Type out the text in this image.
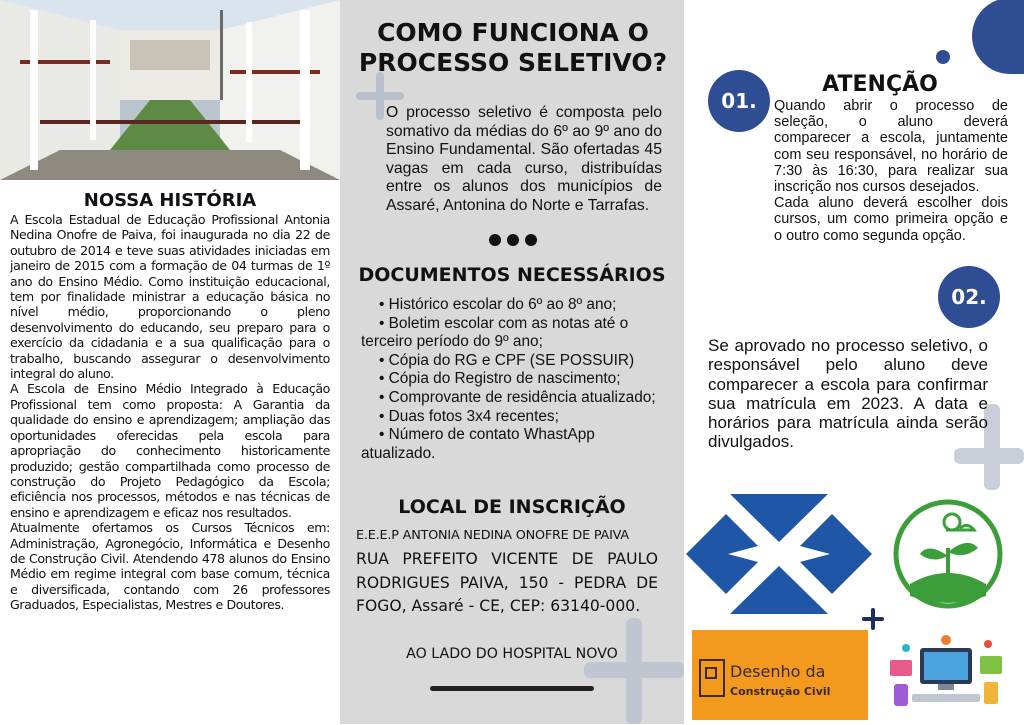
NOSSA HISTÓRIA

A Escola Estadual de Educação Profissional Antonia Nedina Onofre de Paiva, foi inaugurada no dia 22 de outubro de 2014 e teve suas atividades iniciadas em janeiro de 2015 com a formação de 04 turmas de 1º ano do Ensino Médio. Como instituição educacional, tem por finalidade ministrar a educação básica no nível médio, proporcionando o pleno desenvolvimento do educando, seu preparo para o exercício da cidadania e a sua qualificação para o trabalho, buscando assegurar o desenvolvimento integral do aluno.

A Escola de Ensino Médio Integrado à Educação Profissional tem como proposta: A Garantia da qualidade do ensino e aprendizagem; ampliação das oportunidades oferecidas pela escola para apropriação do conhecimento historicamente produzido; gestão compartilhada como processo de construção do Projeto Pedagógico da Escola; eficiência nos processos, métodos e nas técnicas de ensino e aprendizagem e eficaz nos resultados.

Atualmente ofertamos os Cursos Técnicos em: Administração, Agronegócio, Informática e Desenho de Construção Civil. Atendendo 478 alunos do Ensino Médio em regime integral com base comum, técnica e diversificada, contando com 26 professores Graduados, Especialistas, Mestres e Doutores.

COMO FUNCIONA O PROCESSO SELETIVO?
O processo seletivo é composta pelo somativo da médias do 6º ao 9º ano do Ensino Fundamental. São ofertadas 45 vagas em cada curso, distribuídas entre os alunos dos municípios de Assaré, Antonina do Norte e Tarrafas.
DOCUMENTOS NECESSÁRIOS

• Histórico escolar do 6º ao 8º ano;

• Boletim escolar com as notas até o terceiro período do 9º ano;

• Cópia do RG e CPF (SE POSSUIR)

• Cópia do Registro de nascimento;

• Comprovante de residência atualizado;

• Duas fotos 3x4 recentes;

• Número de contato WhastApp atualizado.

LOCAL DE INSCRIÇÃO
E.E.E.P ANTONIA NEDINA ONOFRE DE PAIVA
RUA PREFEITO VICENTE DE PAULO RODRIGUES PAIVA, 150 - PEDRA DE FOGO, Assaré - CE, CEP: 63140-000.
AO LADO DO HOSPITAL NOVO
01.
ATENÇÃO

Quando abrir o processo de seleção, o aluno deverá comparecer a escola, juntamente com seu responsável, no horário de 7:30 às 16:30, para realizar sua inscrição nos cursos desejados.

Cada aluno deverá escolher dois cursos, um como primeira opção e o outro como segunda opção.

02.
Se aprovado no processo seletivo, o responsável pelo aluno deve comparecer a escola para confirmar sua matrícula em 2023. A data e horários para matrícula ainda serão divulgados.
Desenho da
Construção Civil
